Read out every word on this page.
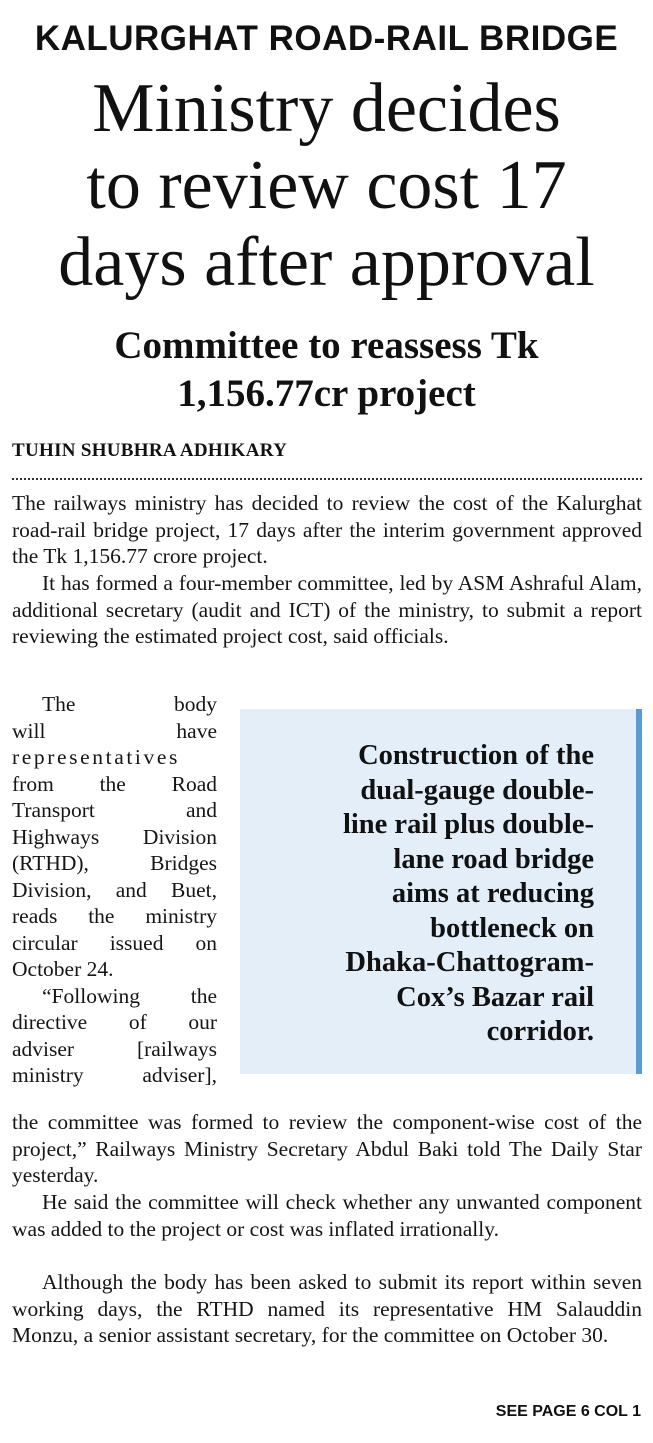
KALURGHAT ROAD-RAIL BRIDGE
Ministry decides
to review cost 17
days after approval
Committee to reassess Tk
1,156.77cr project
TUHIN SHUBHRA ADHIKARY

The railways ministry has decided to review the cost of the Kalurghat road-rail bridge project, 17 days after the interim government approved the Tk 1,156.77 crore project.

It has formed a four-member committee, led by ASM Ashraful Alam, additional secretary (audit and ICT) of the ministry, to submit a report reviewing the estimated project cost, said officials.

The body
will have
representatives
from the Road
Transport and
Highways Division
(RTHD), Bridges
Division, and Buet,
reads the ministry
circular issued on
October 24.
“Following the
directive of our
adviser [railways
ministry adviser],
Construction of the
dual-gauge double-
line rail plus double-
lane road bridge
aims at reducing
bottleneck on
Dhaka-Chattogram-
Cox’s Bazar rail
corridor.

the committee was formed to review the component-wise cost of the project,” Railways Ministry Secretary Abdul Baki told The Daily Star yesterday.

He said the committee will check whether any unwanted component was added to the project or cost was inflated irrationally.

Although the body has been asked to submit its report within seven working days, the RTHD named its representative HM Salauddin Monzu, a senior assistant secretary, for the committee on October 30.

SEE PAGE 6 COL 1
